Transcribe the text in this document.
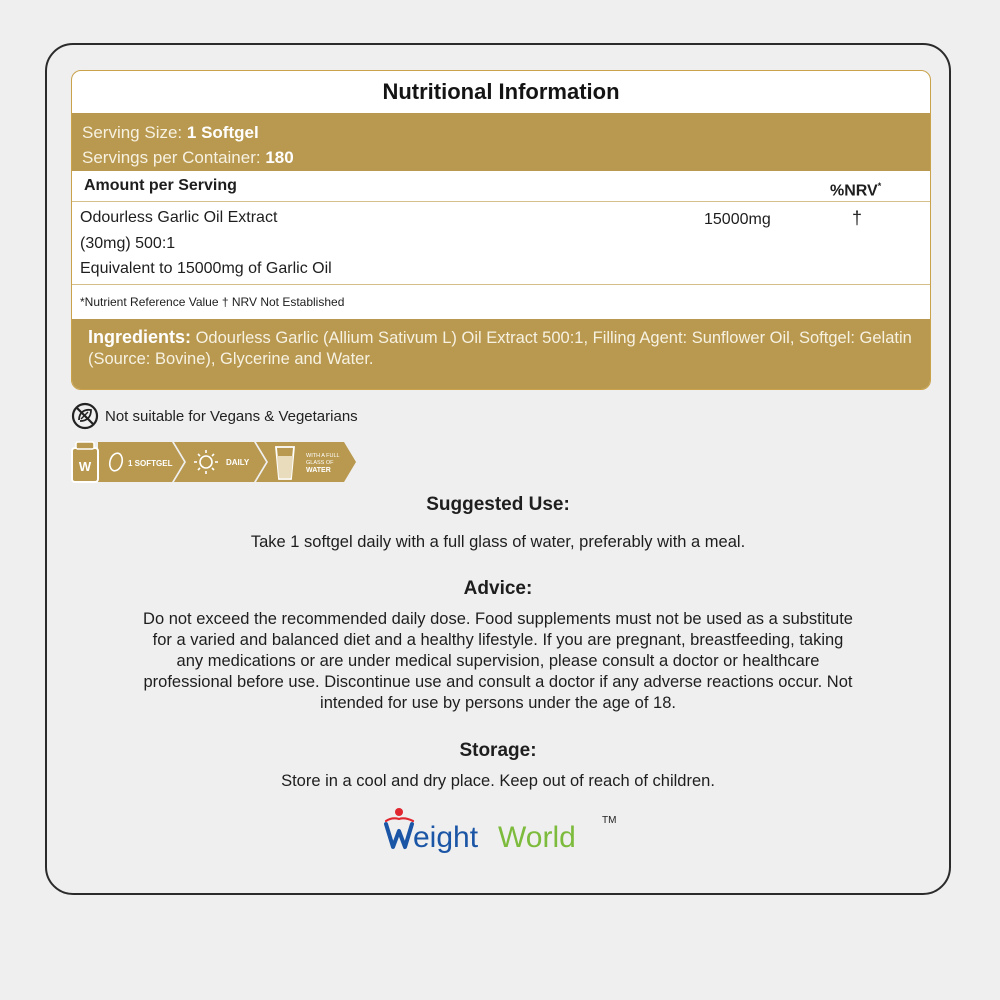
Nutritional Information
Serving Size: 1 Softgel
Servings per Container: 180
Amount per Serving	%NRV*
Odourless Garlic Oil Extract
(30mg) 500:1
Equivalent to 15000mg of Garlic Oil
15000mg	†
*Nutrient Reference Value † NRV Not Established
Ingredients: Odourless Garlic (Allium Sativum L) Oil Extract 500:1, Filling Agent: Sunflower Oil, Softgel: Gelatin (Source: Bovine), Glycerine and Water.
Not suitable for Vegans & Vegetarians
W	1 SOFTGEL	DAILY
WITH A FULL
GLASS OF
WATER
Suggested Use:
Take 1 softgel daily with a full glass of water, preferably with a meal.
Advice:
Do not exceed the recommended daily dose. Food supplements must not be used as a substitute
for a varied and balanced diet and a healthy lifestyle. If you are pregnant, breastfeeding, taking
any medications or are under medical supervision, please consult a doctor or healthcare
professional before use. Discontinue use and consult a doctor if any adverse reactions occur. Not
intended for use by persons under the age of 18.
Storage:
Store in a cool and dry place. Keep out of reach of children.
eight World
TM
